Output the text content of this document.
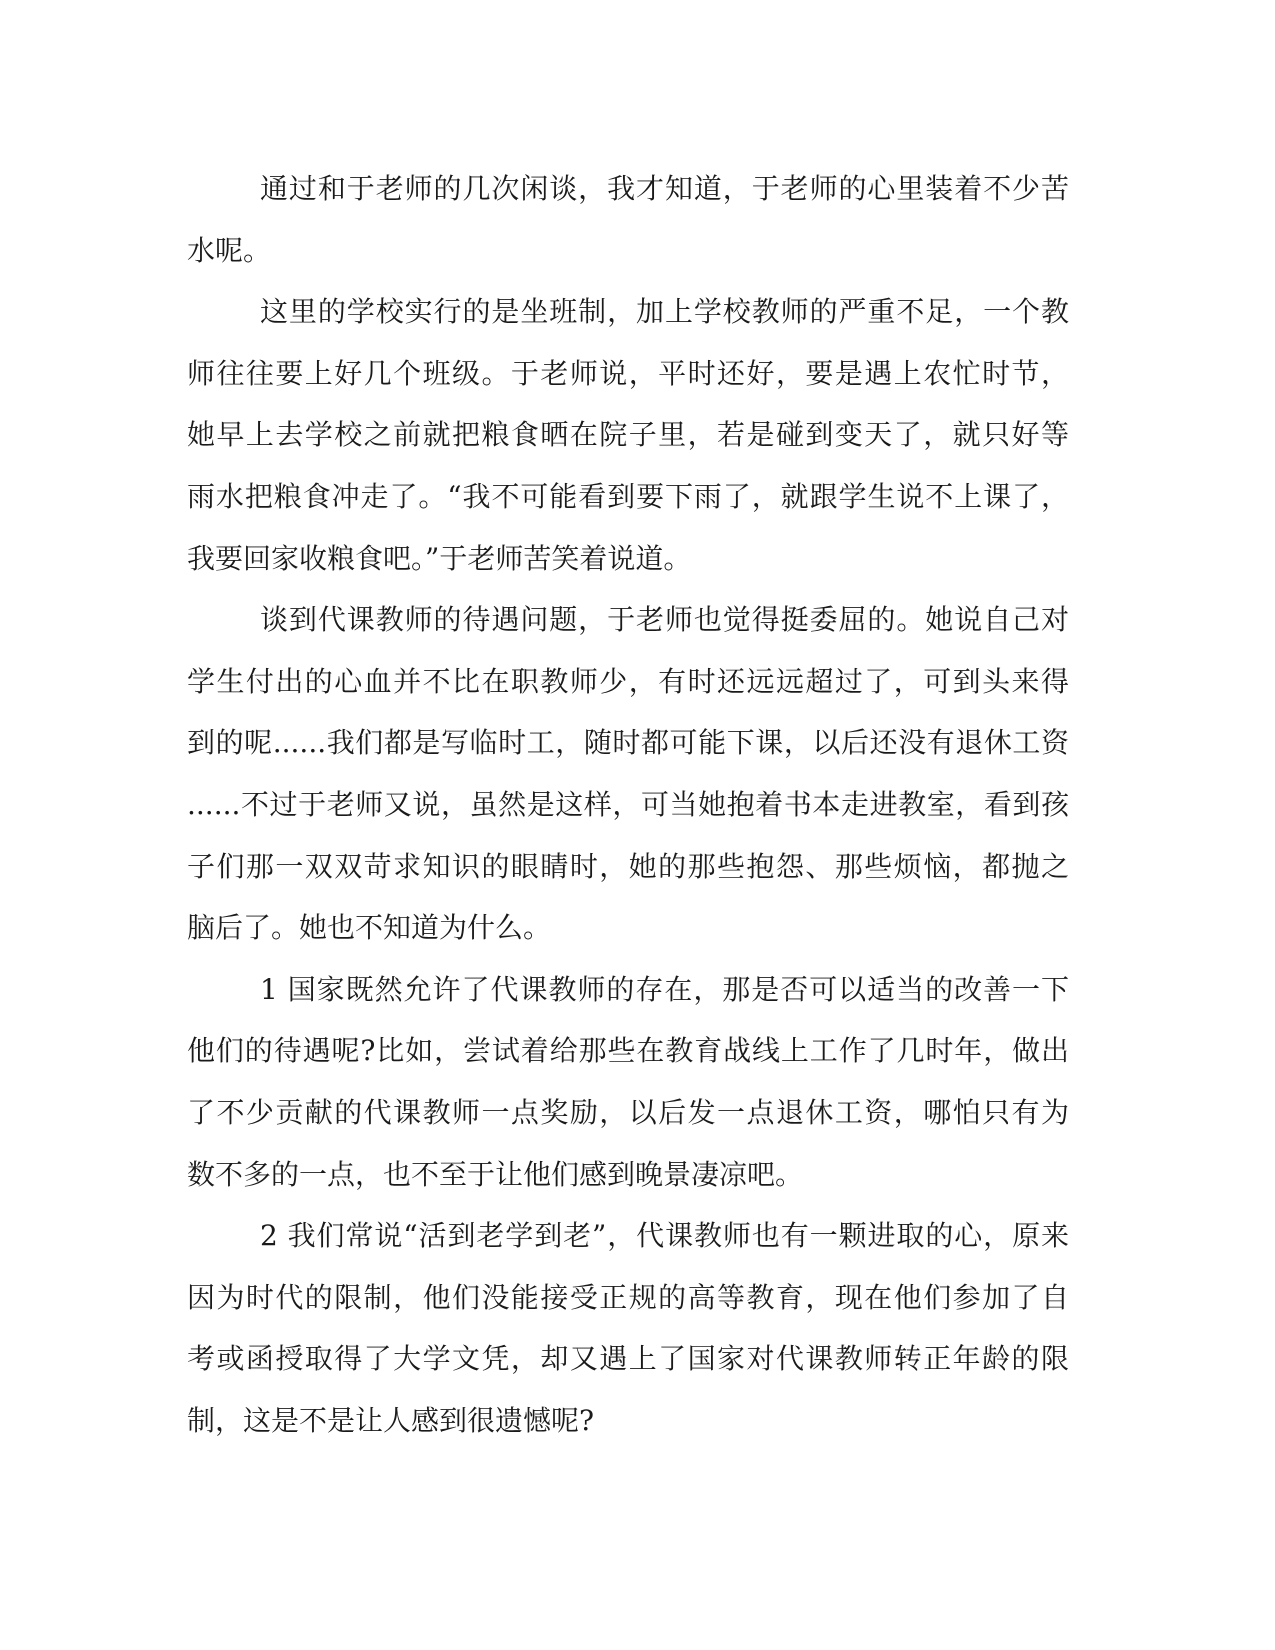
通过和于老师的几次闲谈，我才知道，于老师的心里装着不少苦
水呢。
这里的学校实行的是坐班制，加上学校教师的严重不足，一个教
师往往要上好几个班级。于老师说，平时还好，要是遇上农忙时节，
她早上去学校之前就把粮食晒在院子里，若是碰到变天了，就只好等
雨水把粮食冲走了。“我不可能看到要下雨了，就跟学生说不上课了，
我要回家收粮食吧。”于老师苦笑着说道。
谈到代课教师的待遇问题，于老师也觉得挺委屈的。她说自己对
学生付出的心血并不比在职教师少，有时还远远超过了，可到头来得
到的呢......我们都是写临时工，随时都可能下课，以后还没有退休工资
......不过于老师又说，虽然是这样，可当她抱着书本走进教室，看到孩
子们那一双双苛求知识的眼睛时，她的那些抱怨、那些烦恼，都抛之
脑后了。她也不知道为什么。
1 国家既然允许了代课教师的存在，那是否可以适当的改善一下
他们的待遇呢?比如，尝试着给那些在教育战线上工作了几时年，做出
了不少贡献的代课教师一点奖励，以后发一点退休工资，哪怕只有为
数不多的一点，也不至于让他们感到晚景凄凉吧。
2 我们常说“活到老学到老”，代课教师也有一颗进取的心，原来
因为时代的限制，他们没能接受正规的高等教育，现在他们参加了自
考或函授取得了大学文凭，却又遇上了国家对代课教师转正年龄的限
制，这是不是让人感到很遗憾呢?
